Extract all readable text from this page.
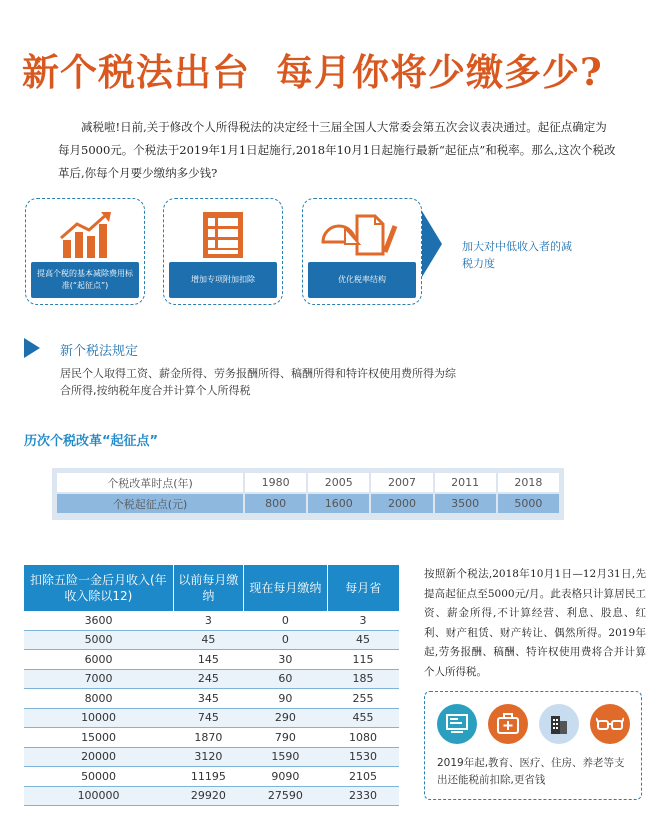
新个税法出台 每月你将少缴多少?
减税啦!日前,关于修改个人所得税法的决定经十三届全国人大常委会第五次会议表决通过。起征点确定为每月5000元。个税法于2019年1月1日起施行,2018年10月1日起施行最新“起征点”和税率。那么,这次个税改革后,你每个月要少缴纳多少钱?
提高个税的基本减除费用标准(“起征点”)
增加专项附加扣除	优化税率结构
加大对中低收入者的减税力度
新个税法规定
居民个人取得工资、薪金所得、劳务报酬所得、稿酬所得和特许权使用费所得为综合所得,按纳税年度合并计算个人所得税
历次个税改革“起征点”
个税改革时点(年)	1980	2005	2007	2011	2018
个税起征点(元)	800	1600	2000	3500	5000
扣除五险一金后月收入(年收入除以12)	以前每月缴纳	现在每月缴纳	每月省
3600	3	0	3
5000	45	0	45
6000	145	30	115
7000	245	60	185
8000	345	90	255
10000	745	290	455
15000	1870	790	1080
20000	3120	1590	1530
50000	11195	9090	2105
100000	29920	27590	2330
按照新个税法,2018年10月1日—12月31日,先提高起征点至5000元/月。此表格只计算居民工资、薪金所得,不计算经营、利息、股息、红利、财产租赁、财产转让、偶然所得。2019年起,劳务报酬、稿酬、特许权使用费将合并计算个人所得税。
2019年起,教育、医疗、住房、养老等支出还能税前扣除,更省钱
